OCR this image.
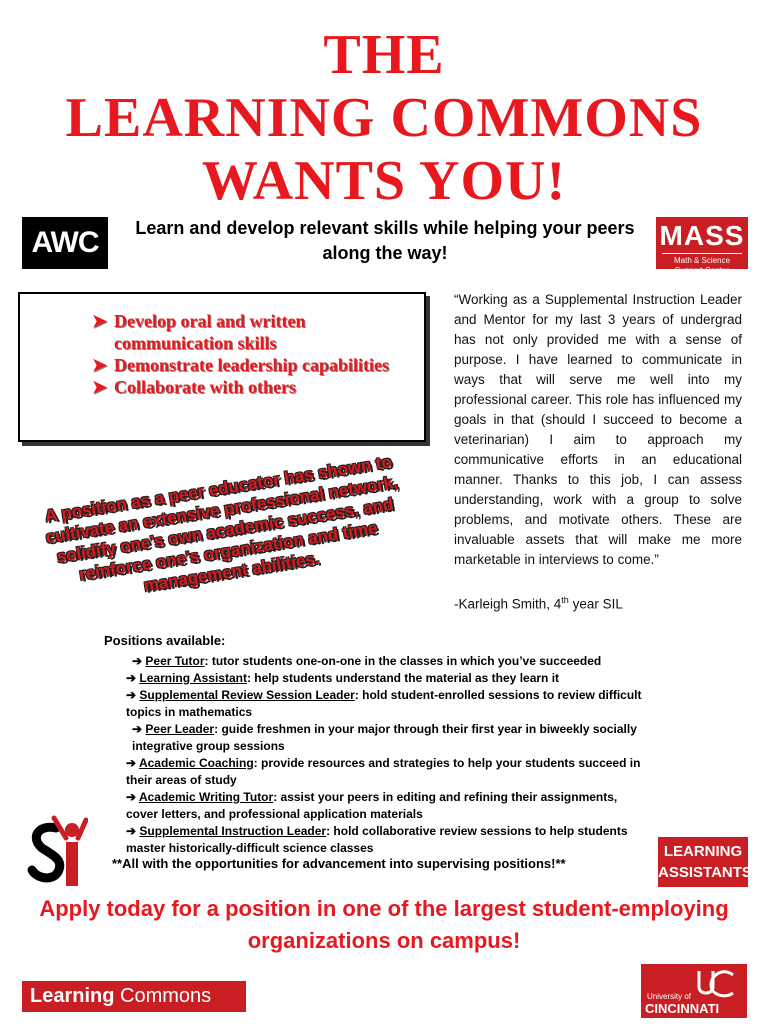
THE
LEARNING COMMONS
WANTS YOU!
AWC	Learn and develop relevant skills while helping your peers along the way!
MASS
Math & Science Support Center
➤ Develop oral and written communication skills
➤ Demonstrate leadership capabilities
➤ Collaborate with others
“Working as a Supplemental Instruction Leader and Mentor for my last 3 years of undergrad has not only provided me with a sense of purpose. I have learned to communicate in ways that will serve me well into my professional career. This role has influenced my goals in that (should I succeed to become a veterinarian) I aim to approach my communicative efforts in an educational manner. Thanks to this job, I can assess understanding, work with a group to solve problems, and motivate others. These are invaluable assets that will make me more marketable in interviews to come.”
-Karleigh Smith, 4th year SIL
A position as a peer educator has shown to cultivate an extensive professional network, solidify one’s own academic success, and reinforce one’s organization and time management abilities.
Positions available:
➔ Peer Tutor: tutor students one-on-one in the classes in which you’ve succeeded
➔ Learning Assistant: help students understand the material as they learn it
➔ Supplemental Review Session Leader: hold student-enrolled sessions to review difficult topics in mathematics
➔ Peer Leader: guide freshmen in your major through their first year in biweekly socially integrative group sessions
➔ Academic Coaching: provide resources and strategies to help your students succeed in their areas of study
➔ Academic Writing Tutor: assist your peers in editing and refining their assignments, cover letters, and professional application materials
➔ Supplemental Instruction Leader: hold collaborative review sessions to help students master historically-difficult science classes
**All with the opportunities for advancement into supervising positions!**
LEARNING
ASSISTANTS
Apply today for a position in one of the largest student-employing organizations on campus!
Learning Commons	University of
CINCINNATI
